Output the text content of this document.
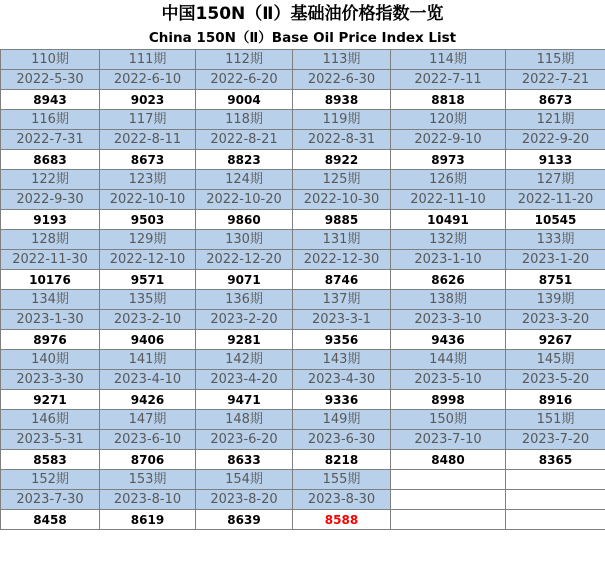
中国150N（Ⅱ）基础油价格指数一览
China 150N（Ⅱ）Base Oil Price Index List
110期	111期	112期	113期	114期	115期
2022-5-30	2022-6-10	2022-6-20	2022-6-30	2022-7-11	2022-7-21
8943	9023	9004	8938	8818	8673
116期	117期	118期	119期	120期	121期
2022-7-31	2022-8-11	2022-8-21	2022-8-31	2022-9-10	2022-9-20
8683	8673	8823	8922	8973	9133
122期	123期	124期	125期	126期	127期
2022-9-30	2022-10-10	2022-10-20	2022-10-30	2022-11-10	2022-11-20
9193	9503	9860	9885	10491	10545
128期	129期	130期	131期	132期	133期
2022-11-30	2022-12-10	2022-12-20	2022-12-30	2023-1-10	2023-1-20
10176	9571	9071	8746	8626	8751
134期	135期	136期	137期	138期	139期
2023-1-30	2023-2-10	2023-2-20	2023-3-1	2023-3-10	2023-3-20
8976	9406	9281	9356	9436	9267
140期	141期	142期	143期	144期	145期
2023-3-30	2023-4-10	2023-4-20	2023-4-30	2023-5-10	2023-5-20
9271	9426	9471	9336	8998	8916
146期	147期	148期	149期	150期	151期
2023-5-31	2023-6-10	2023-6-20	2023-6-30	2023-7-10	2023-7-20
8583	8706	8633	8218	8480	8365
152期	153期	154期	155期		
2023-7-30	2023-8-10	2023-8-20	2023-8-30		
8458	8619	8639	8588		
